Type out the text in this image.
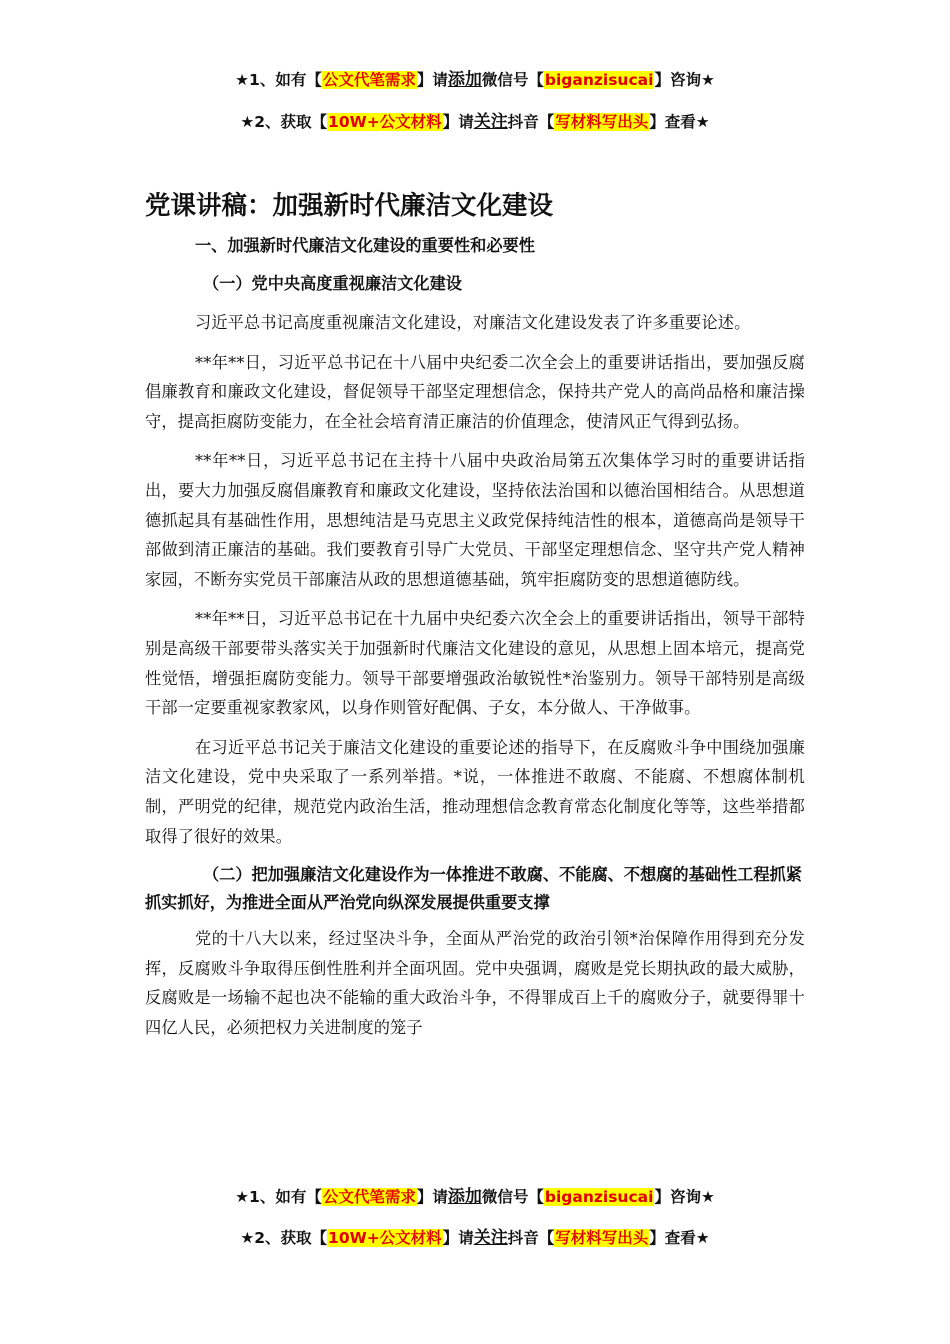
★1、如有【公文代笔需求】请添加微信号【biganzisucai】咨询★
★2、获取【10W+公文材料】请关注抖音【写材料写出头】查看★
党课讲稿：加强新时代廉洁文化建设
一、加强新时代廉洁文化建设的重要性和必要性
（一）党中央高度重视廉洁文化建设
习近平总书记高度重视廉洁文化建设，对廉洁文化建设发表了许多重要论述。
**年**日，习近平总书记在十八届中央纪委二次全会上的重要讲话指出，要加强反腐倡廉教育和廉政文化建设，督促领导干部坚定理想信念，保持共产党人的高尚品格和廉洁操守，提高拒腐防变能力，在全社会培育清正廉洁的价值理念，使清风正气得到弘扬。
**年**日，习近平总书记在主持十八届中央政治局第五次集体学习时的重要讲话指出，要大力加强反腐倡廉教育和廉政文化建设，坚持依法治国和以德治国相结合。从思想道德抓起具有基础性作用，思想纯洁是马克思主义政党保持纯洁性的根本，道德高尚是领导干部做到清正廉洁的基础。我们要教育引导广大党员、干部坚定理想信念、坚守共产党人精神家园，不断夯实党员干部廉洁从政的思想道德基础，筑牢拒腐防变的思想道德防线。
**年**日，习近平总书记在十九届中央纪委六次全会上的重要讲话指出，领导干部特别是高级干部要带头落实关于加强新时代廉洁文化建设的意见，从思想上固本培元，提高党性觉悟，增强拒腐防变能力。领导干部要增强政治敏锐性*治鉴别力。领导干部特别是高级干部一定要重视家教家风，以身作则管好配偶、子女，本分做人、干净做事。
在习近平总书记关于廉洁文化建设的重要论述的指导下，在反腐败斗争中围绕加强廉洁文化建设，党中央采取了一系列举措。*说，一体推进不敢腐、不能腐、不想腐体制机制，严明党的纪律，规范党内政治生活，推动理想信念教育常态化制度化等等，这些举措都取得了很好的效果。
（二）把加强廉洁文化建设作为一体推进不敢腐、不能腐、不想腐的基础性工程抓紧抓实抓好，为推进全面从严治党向纵深发展提供重要支撑
党的十八大以来，经过坚决斗争，全面从严治党的政治引领*治保障作用得到充分发挥，反腐败斗争取得压倒性胜利并全面巩固。党中央强调，腐败是党长期执政的最大威胁，反腐败是一场输不起也决不能输的重大政治斗争，不得罪成百上千的腐败分子，就要得罪十四亿人民，必须把权力关进制度的笼子
★1、如有【公文代笔需求】请添加微信号【biganzisucai】咨询★
★2、获取【10W+公文材料】请关注抖音【写材料写出头】查看★
